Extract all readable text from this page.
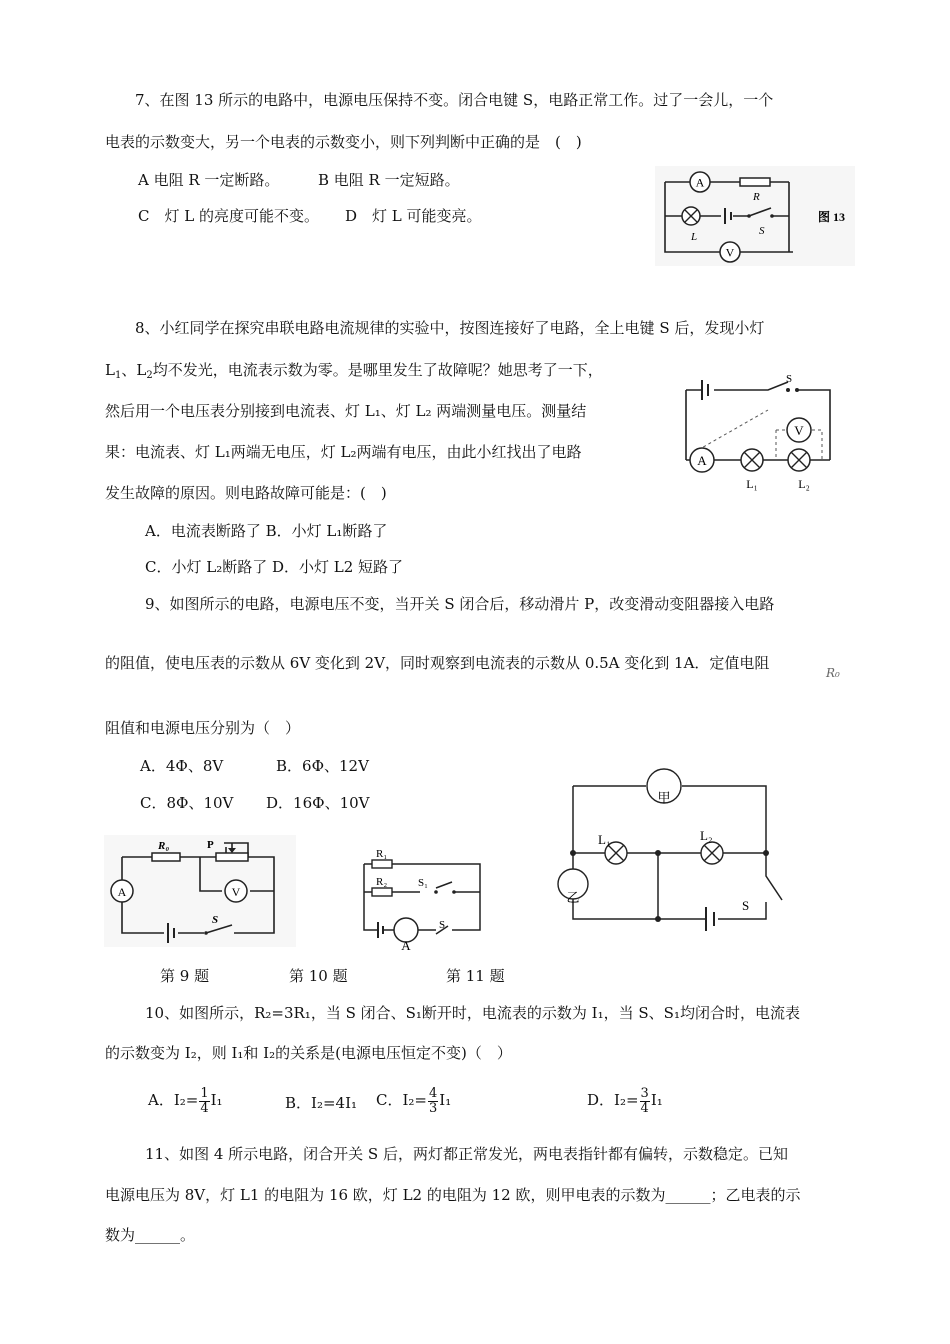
7、在图 13 所示的电路中，电源电压保持不变。闭合电键 S，电路正常工作。过了一会儿，一个
电表的示数变大，另一个电表的示数变小，则下列判断中正确的是　(　)
A 电阻 R 一定断路。	B 电阻 R 一定短路。
C　灯 L 的亮度可能不变。 D　灯 L 可能变亮。
A
R
L	S
V
图 13
8、小红同学在探究串联电路电流规律的实验中，按图连接好了电路，全上电键 S 后，发现小灯
$L_1$、$L_2$均不发光，电流表示数为零。是哪里发生了故障呢？她思考了一下，
然后用一个电压表分别接到电流表、灯 L₁、灯 L₂ 两端测量电压。测量结
果：电流表、灯 L₁两端无电压，灯 L₂两端有电压，由此小红找出了电路
发生故障的原因。则电路故障可能是：(　)
A．电流表断路了 B．小灯 L₁断路了
C．小灯 L₂断路了 D．小灯 L2 短路了
S
V
A
L₁	L₂
9、如图所示的电路，电源电压不变，当开关 S 闭合后，移动滑片 P，改变滑动变阻器接入电路
的阻值，使电压表的示数从 6V 变化到 2V，同时观察到电流表的示数从 0.5A 变化到 1A．定值电阻
R₀
阻值和电源电压分别为（　）
A．4Ф、8V	B．6Ф、12V
C．8Ф、10V D．16Ф、10V
R₀	P
A	V
S
第 9 题
R₁
R₂	S₁
A
S
第 10 题
甲
乙
L₁	L₂
S
第 11 题
10、如图所示，R₂=3R₁，当 S 闭合、S₁断开时，电流表的示数为 I₁，当 S、S₁均闭合时，电流表
的示数变为 I₂，则 I₁和 I₂的关系是(电源电压恒定不变)（　）
A．$I_2= \frac{1}{4} I_1$	B．I₂=4I₁ C．$I_2= \frac{4}{3} I_1$	D．$I_2= \frac{3}{4} I_1$
11、如图 4 所示电路，闭合开关 S 后，两灯都正常发光，两电表指针都有偏转，示数稳定。已知
电源电压为 8V，灯 L1 的电阻为 16 欧，灯 L2 的电阻为 12 欧，则甲电表的示数为______；乙电表的示
数为______。
